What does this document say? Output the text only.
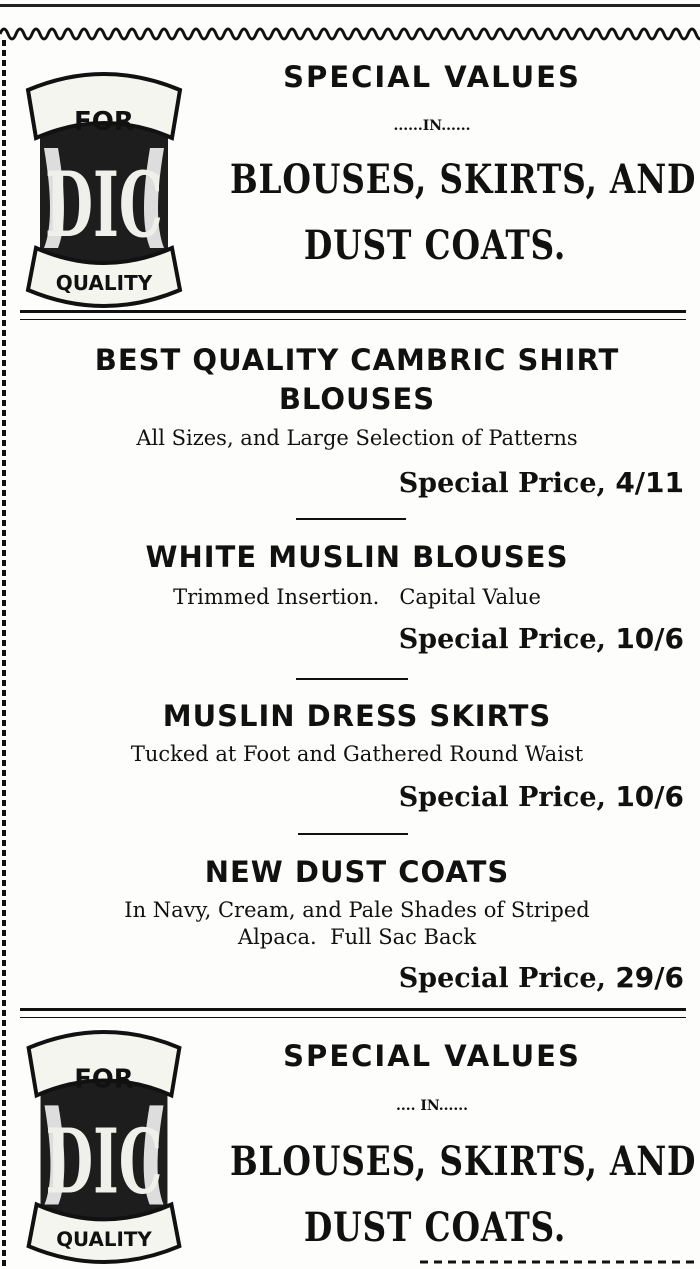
FOR
DIC
QUALITY
SPECIAL VALUES
......IN......
BLOUSES, SKIRTS, AND
DUST COATS.
BEST QUALITY CAMBRIC SHIRT
BLOUSES
All Sizes, and Large Selection of Patterns
Special Price, 4/11
WHITE MUSLIN BLOUSES
Trimmed Insertion.   Capital Value
Special Price, 10/6
MUSLIN DRESS SKIRTS
Tucked at Foot and Gathered Round Waist
Special Price, 10/6
NEW DUST COATS
In Navy, Cream, and Pale Shades of Striped
Alpaca.  Full Sac Back
Special Price, 29/6
FOR
DIC
QUALITY
SPECIAL VALUES
.... IN......
BLOUSES, SKIRTS, AND
DUST COATS.
